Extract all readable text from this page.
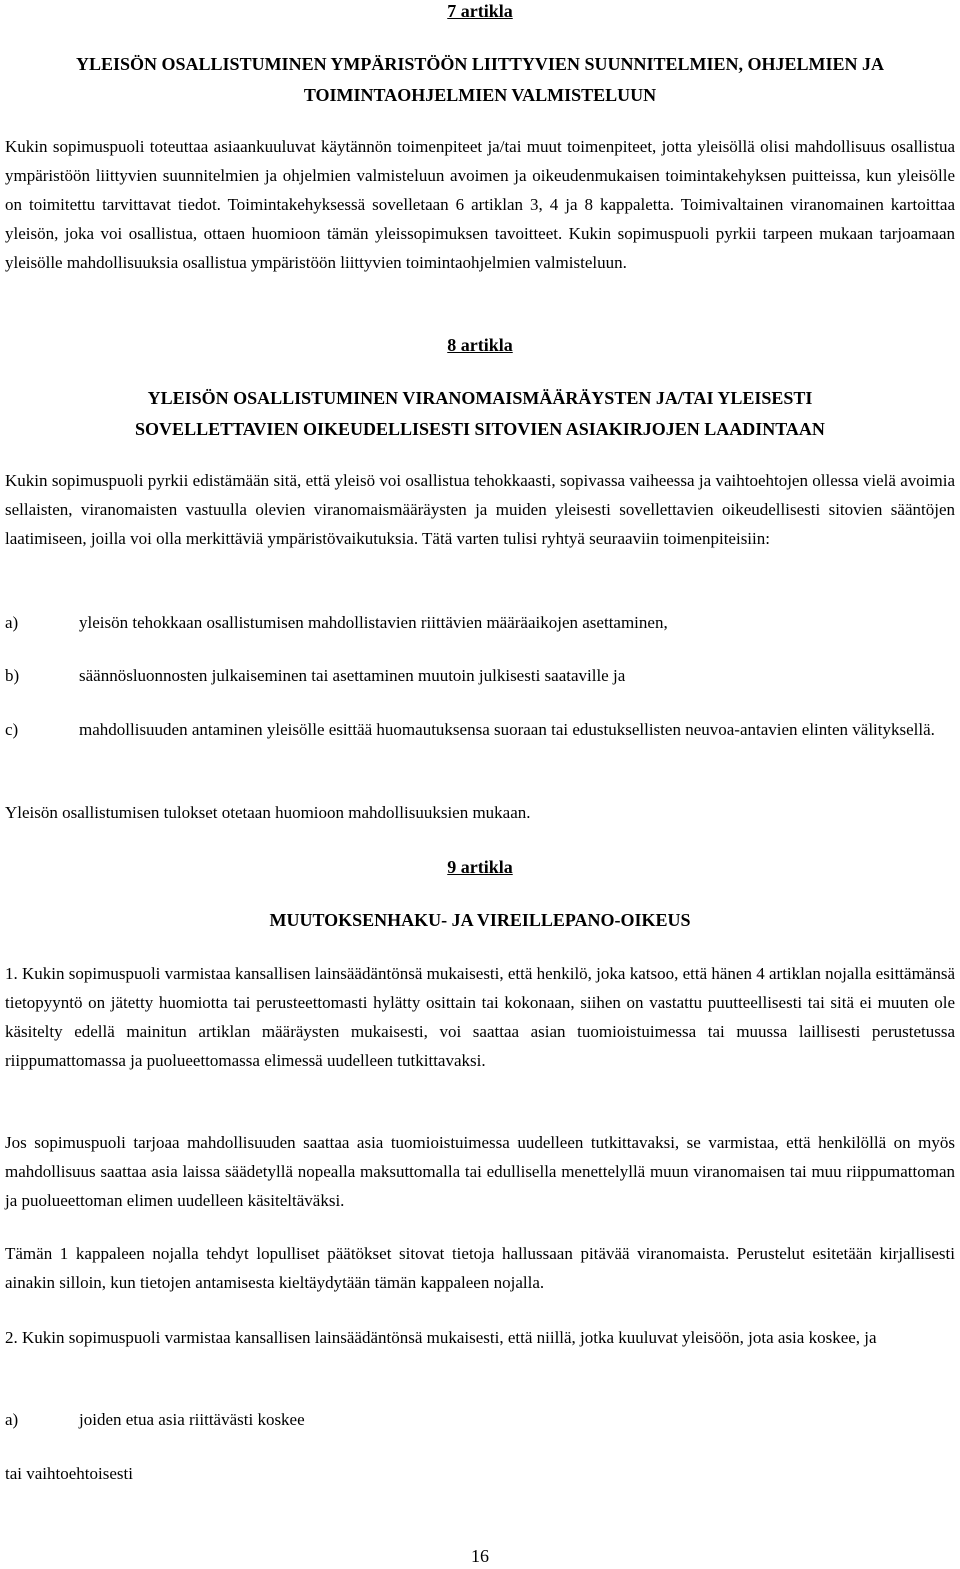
7 artikla
YLEISÖN OSALLISTUMINEN YMPÄRISTÖÖN LIITTYVIEN SUUNNITELMIEN, OHJELMIEN JA
TOIMINTAOHJELMIEN VALMISTELUUN

Kukin sopimuspuoli toteuttaa asiaankuuluvat käytännön toimenpiteet ja/tai muut toimenpiteet, jotta yleisöllä olisi mahdollisuus osallistua ympäristöön liittyvien suunnitelmien ja ohjelmien valmisteluun avoimen ja oikeudenmukaisen toimintakehyksen puitteissa, kun yleisölle on toimitettu tarvittavat tiedot. Toimintakehyksessä sovelletaan 6 artiklan 3, 4 ja 8 kappaletta. Toimivaltainen viranomainen kartoittaa yleisön, joka voi osallistua, ottaen huomioon tämän yleissopimuksen tavoitteet. Kukin sopimuspuoli pyrkii tarpeen mukaan tarjoamaan yleisölle mahdollisuuksia osallistua ympäristöön liittyvien toimintaohjelmien valmisteluun.

8 artikla
YLEISÖN OSALLISTUMINEN VIRANOMAISMÄÄRÄYSTEN JA/TAI YLEISESTI
SOVELLETTAVIEN OIKEUDELLISESTI SITOVIEN ASIAKIRJOJEN LAADINTAAN

Kukin sopimuspuoli pyrkii edistämään sitä, että yleisö voi osallistua tehokkaasti, sopivassa vaiheessa ja vaihtoehtojen ollessa vielä avoimia sellaisten, viranomaisten vastuulla olevien viranomaismääräysten ja muiden yleisesti sovellettavien oikeudellisesti sitovien sääntöjen laatimiseen, joilla voi olla merkittäviä ympäristövaikutuksia. Tätä varten tulisi ryhtyä seuraaviin toimenpiteisiin:

a)	yleisön tehokkaan osallistumisen mahdollistavien riittävien määräaikojen asettaminen,
b)	säännösluonnosten julkaiseminen tai asettaminen muutoin julkisesti saataville ja
c)	mahdollisuuden antaminen yleisölle esittää huomautuksensa suoraan tai edustuksellisten neuvoa-antavien elinten välityksellä.

Yleisön osallistumisen tulokset otetaan huomioon mahdollisuuksien mukaan.

9 artikla
MUUTOKSENHAKU- JA VIREILLEPANO-OIKEUS

1. Kukin sopimuspuoli varmistaa kansallisen lainsäädäntönsä mukaisesti, että henkilö, joka katsoo, että hänen 4 artiklan nojalla esittämänsä tietopyyntö on jätetty huomiotta tai perusteettomasti hylätty osittain tai kokonaan, siihen on vastattu puutteellisesti tai sitä ei muuten ole käsitelty edellä mainitun artiklan määräysten mukaisesti, voi saattaa asian tuomioistuimessa tai muussa laillisesti perustetussa riippumattomassa ja puolueettomassa elimessä uudelleen tutkittavaksi.

Jos sopimuspuoli tarjoaa mahdollisuuden saattaa asia tuomioistuimessa uudelleen tutkittavaksi, se varmistaa, että henkilöllä on myös mahdollisuus saattaa asia laissa säädetyllä nopealla maksuttomalla tai edullisella menettelyllä muun viranomaisen tai muu riippumattoman ja puolueettoman elimen uudelleen käsiteltäväksi.

Tämän 1 kappaleen nojalla tehdyt lopulliset päätökset sitovat tietoja hallussaan pitävää viranomaista. Perustelut esitetään kirjallisesti ainakin silloin, kun tietojen antamisesta kieltäydytään tämän kappaleen nojalla.

2. Kukin sopimuspuoli varmistaa kansallisen lainsäädäntönsä mukaisesti, että niillä, jotka kuuluvat yleisöön, jota asia koskee, ja

a)	joiden etua asia riittävästi koskee

tai vaihtoehtoisesti

16
